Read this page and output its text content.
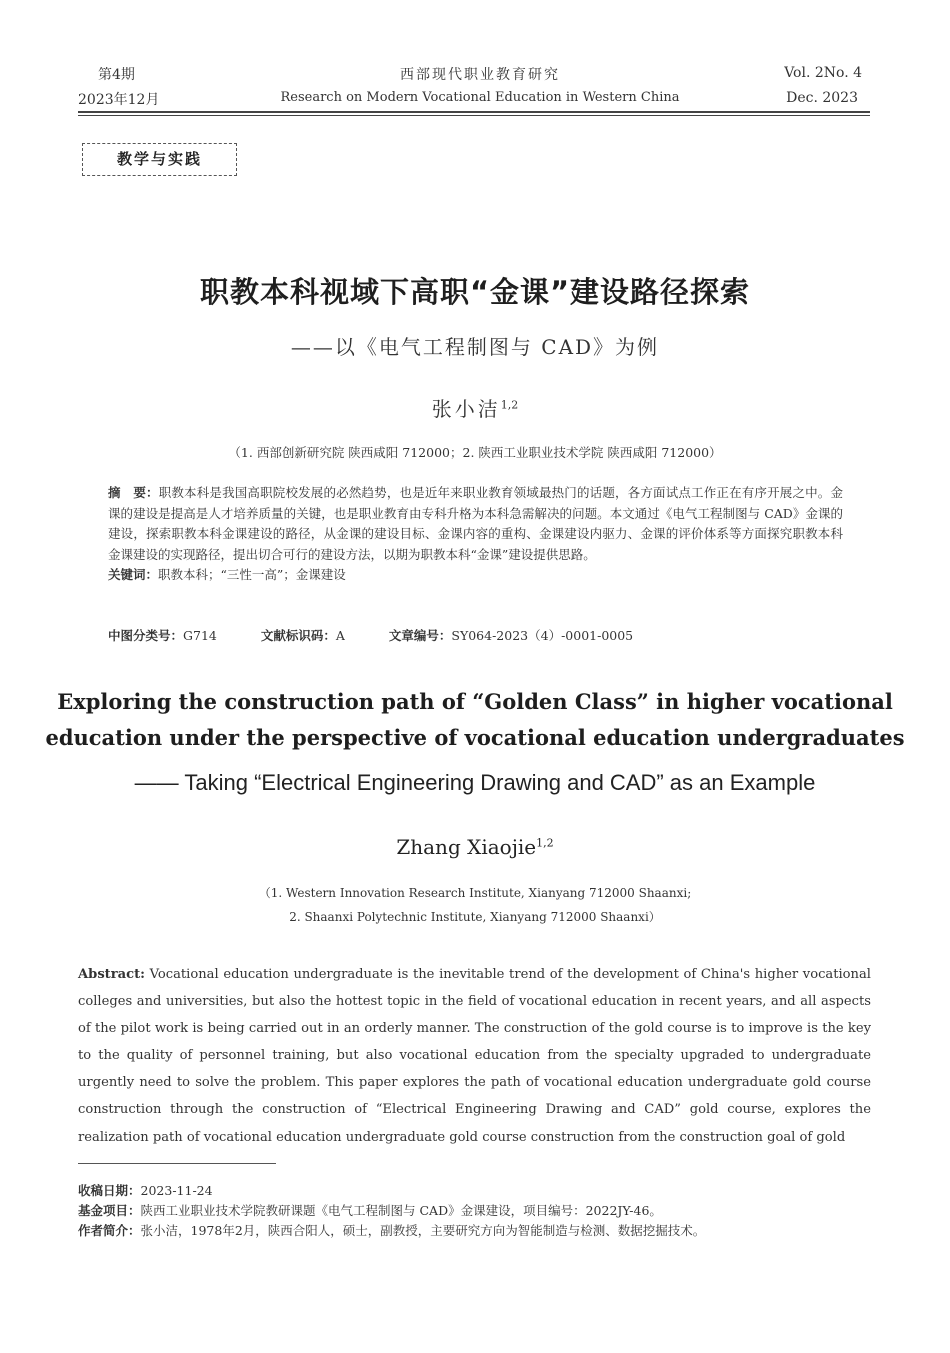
第4期
2023年12月
西部现代职业教育研究
Research on Modern Vocational Education in Western China
Vol. 2No. 4
Dec. 2023
教学与实践
职教本科视域下高职“金课”建设路径探索
——以《电气工程制图与 CAD》为例
张小洁$^{1,2}$
（1. 西部创新研究院 陕西咸阳 712000；2. 陕西工业职业技术学院 陕西咸阳 712000）
摘　要：职教本科是我国高职院校发展的必然趋势，也是近年来职业教育领域最热门的话题，各方面试点工作正在有序开展之中。金课的建设是提高是人才培养质量的关键，也是职业教育由专科升格为本科急需解决的问题。本文通过《电气工程制图与 CAD》金课的建设，探索职教本科金课建设的路径，从金课的建设目标、金课内容的重构、金课建设内驱力、金课的评价体系等方面探究职教本科金课建设的实现路径，提出切合可行的建设方法，以期为职教本科“金课”建设提供思路。
关键词：职教本科；“三性一高”；金课建设
中图分类号：G714	文献标识码：A	文章编号：SY064-2023（4）-0001-0005
Exploring the construction path of “Golden Class” in higher vocational
education under the perspective of vocational education undergraduates
—— Taking “Electrical Engineering Drawing and CAD” as an Example
Zhang Xiaojie$^{1,2}$
（1. Western Innovation Research Institute, Xianyang 712000 Shaanxi;
2. Shaanxi Polytechnic Institute, Xianyang 712000 Shaanxi）
Abstract: Vocational education undergraduate is the inevitable trend of the development of China's higher vocational colleges and universities, but also the hottest topic in the field of vocational education in recent years, and all aspects of the pilot work is being carried out in an orderly manner. The construction of the gold course is to improve is the key to the quality of personnel training, but also vocational education from the specialty upgraded to undergraduate urgently need to solve the problem. This paper explores the path of vocational education undergraduate gold course construction through the construction of “Electrical Engineering Drawing and CAD” gold course, explores the realization path of vocational education undergraduate gold course construction from the construction goal of gold
收稿日期：2023-11-24
基金项目：陕西工业职业技术学院教研课题《电气工程制图与 CAD》金课建设，项目编号：2022JY-46。
作者简介：张小洁，1978年2月，陕西合阳人，硕士，副教授，主要研究方向为智能制造与检测、数据挖掘技术。
